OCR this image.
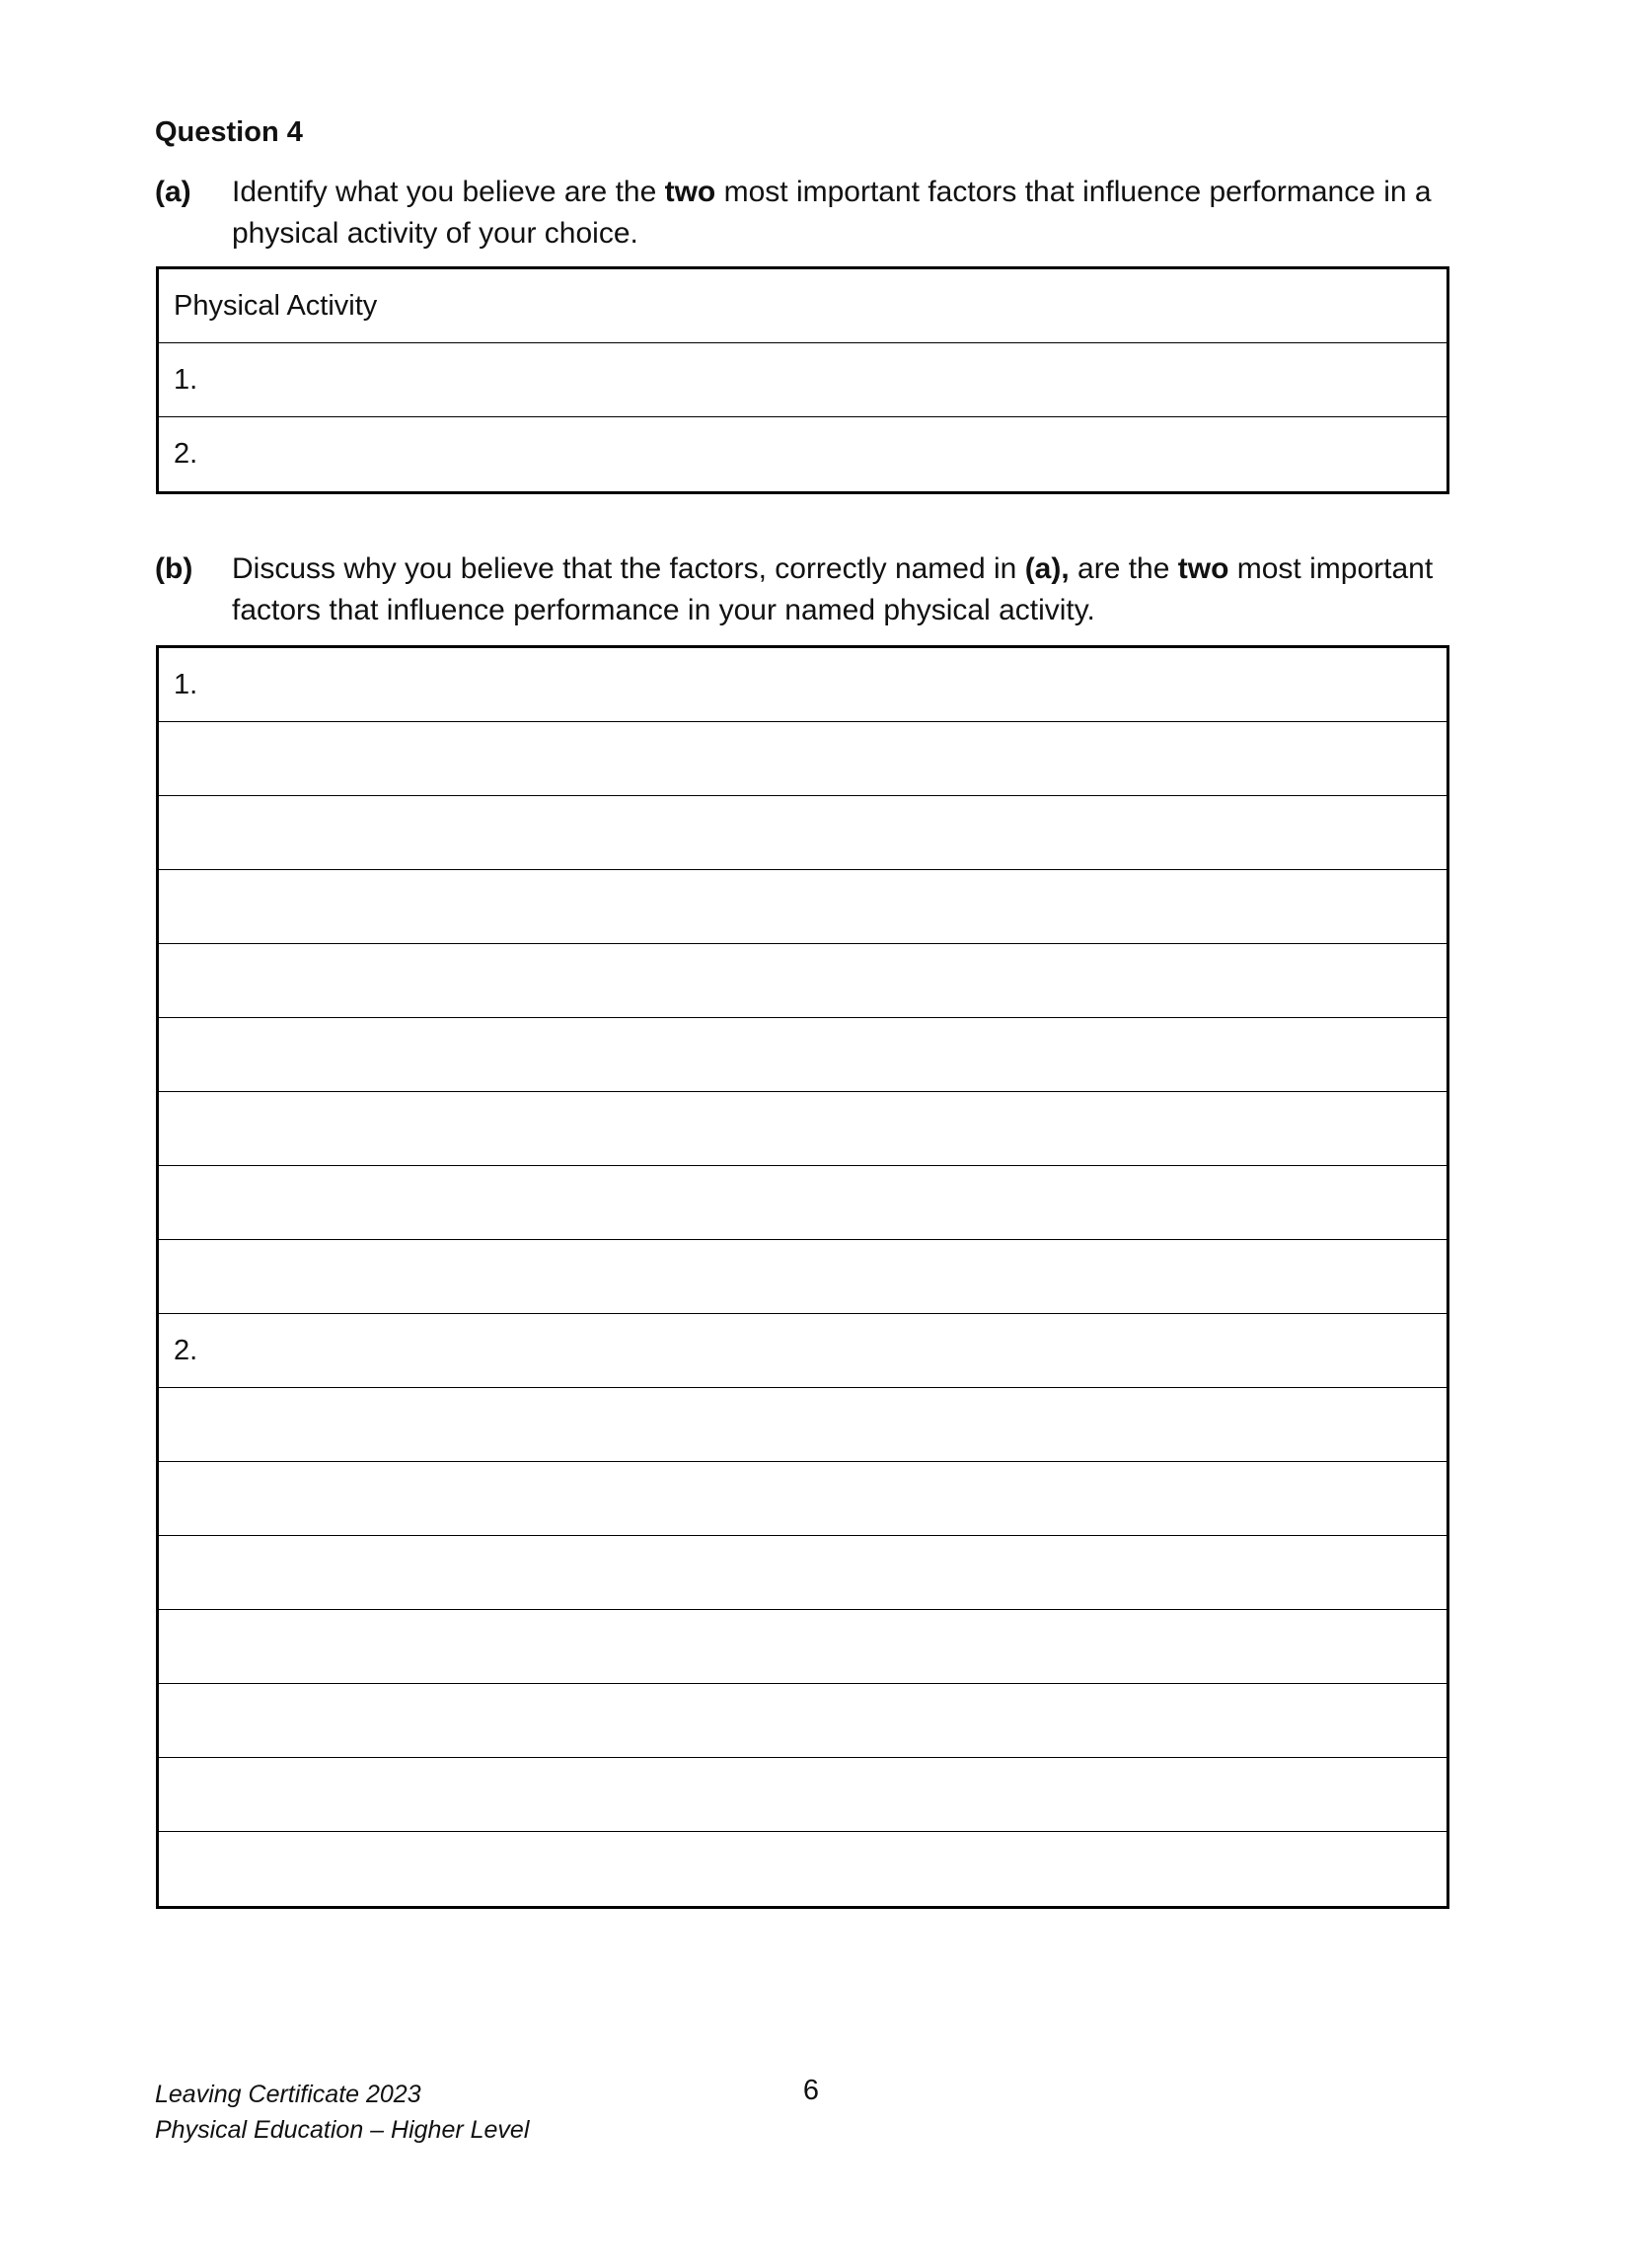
Question 4
(a) Identify what you believe are the two most important factors that influence performance in a physical activity of your choice.
Physical Activity
1.
2.
(b) Discuss why you believe that the factors, correctly named in (a), are the two most important factors that influence performance in your named physical activity.
1.
2.
Leaving Certificate 2023
Physical Education – Higher Level
6
